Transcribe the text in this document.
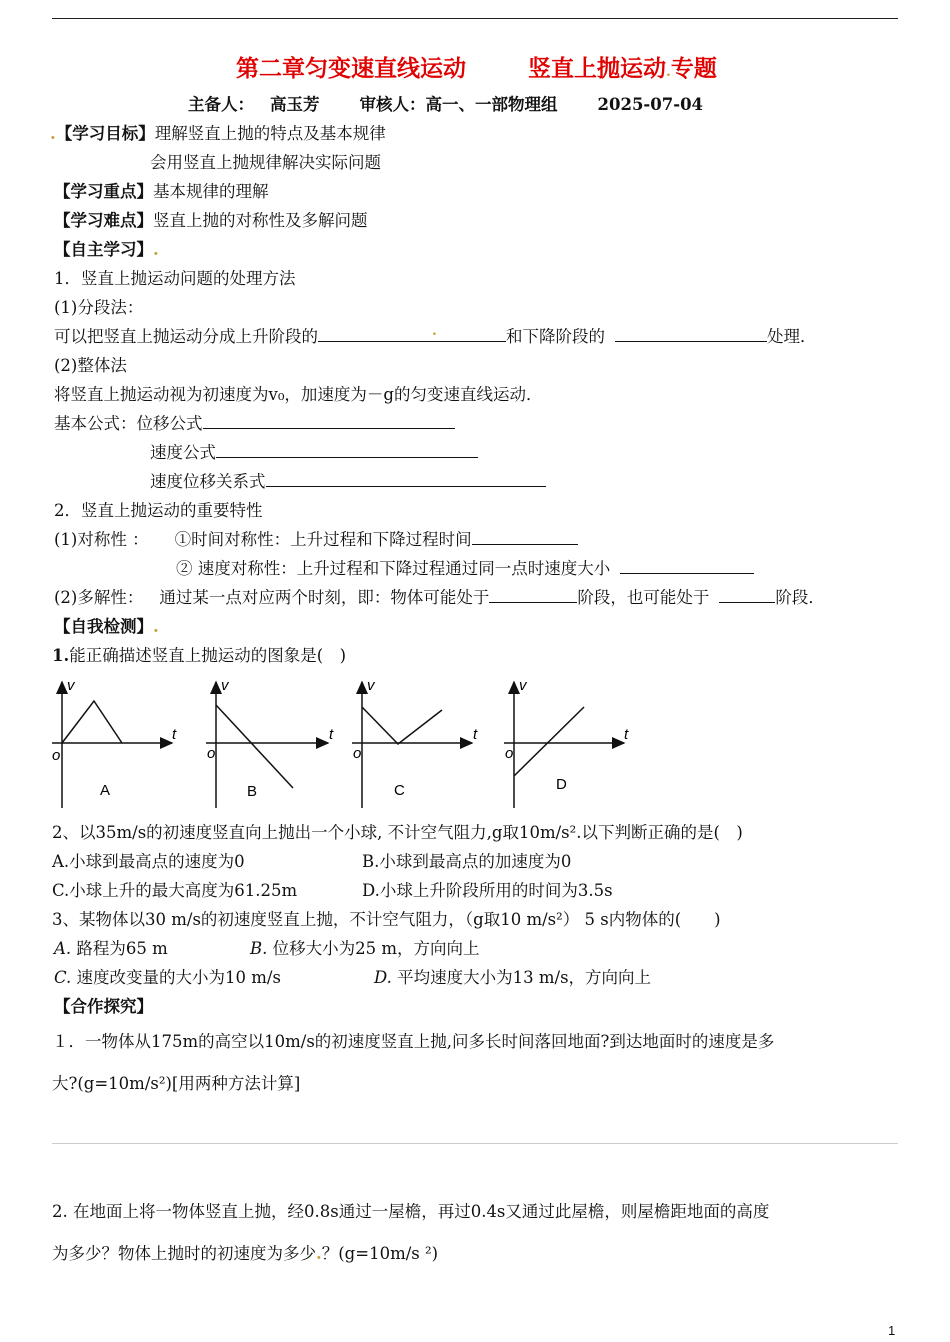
第二章匀变速直线运动	竖直上抛运动.专题
主备人： 高玉芳 审核人：高一、一部物理组 2025-07-04
.【学习目标】理解竖直上抛的特点及基本规律
会用竖直上抛规律解决实际问题
【学习重点】基本规律的理解
【学习难点】竖直上抛的对称性及多解问题
【自主学习】.
1．竖直上抛运动问题的处理方法
(1)分段法：
可以把竖直上抛运动分成上升阶段的	.	和下降阶段的	处理．
(2)整体法
将竖直上抛运动视为初速度为v₀，加速度为－g的匀变速直线运动．
基本公式：位移公式
速度公式
速度位移关系式
2．竖直上抛运动的重要特性
(1)对称性 ： ①时间对称性：上升过程和下降过程时间
② 速度对称性：上升过程和下降过程通过同一点时速度大小
(2)多解性： 通过某一点对应两个时刻，即：物体可能处于	阶段，也可能处于	阶段．
【自我检测】.
1.能正确描述竖直上抛运动的图象是(　)
v
t
o
A
v
t
o
B
v
t
o
C
v
t
o
D
2、以35m/s的初速度竖直向上抛出一个小球, 不计空气阻力,g取10m/s².以下判断正确的是(　)
A.小球到最高点的速度为0	B.小球到最高点的加速度为0
C.小球上升的最大高度为61.25m	D.小球上升阶段所用的时间为3.5s
3、某物体以30 m/s的初速度竖直上抛，不计空气阻力，（g取10 m/s²） 5 s内物体的(　　)
A. 路程为65 m	B. 位移大小为25 m，方向向上
C. 速度改变量的大小为10 m/s	D. 平均速度大小为13 m/s，方向向上
【合作探究】
１．一物体从175m的高空以10m/s的初速度竖直上抛,问多长时间落回地面?到达地面时的速度是多
大?(g=10m/s²)[用两种方法计算]
2. 在地面上将一物体竖直上抛，经0.8s通过一屋檐，再过0.4s又通过此屋檐，则屋檐距地面的高度
为多少？物体上抛时的初速度为多少.？(g=10m/s ²)
1
